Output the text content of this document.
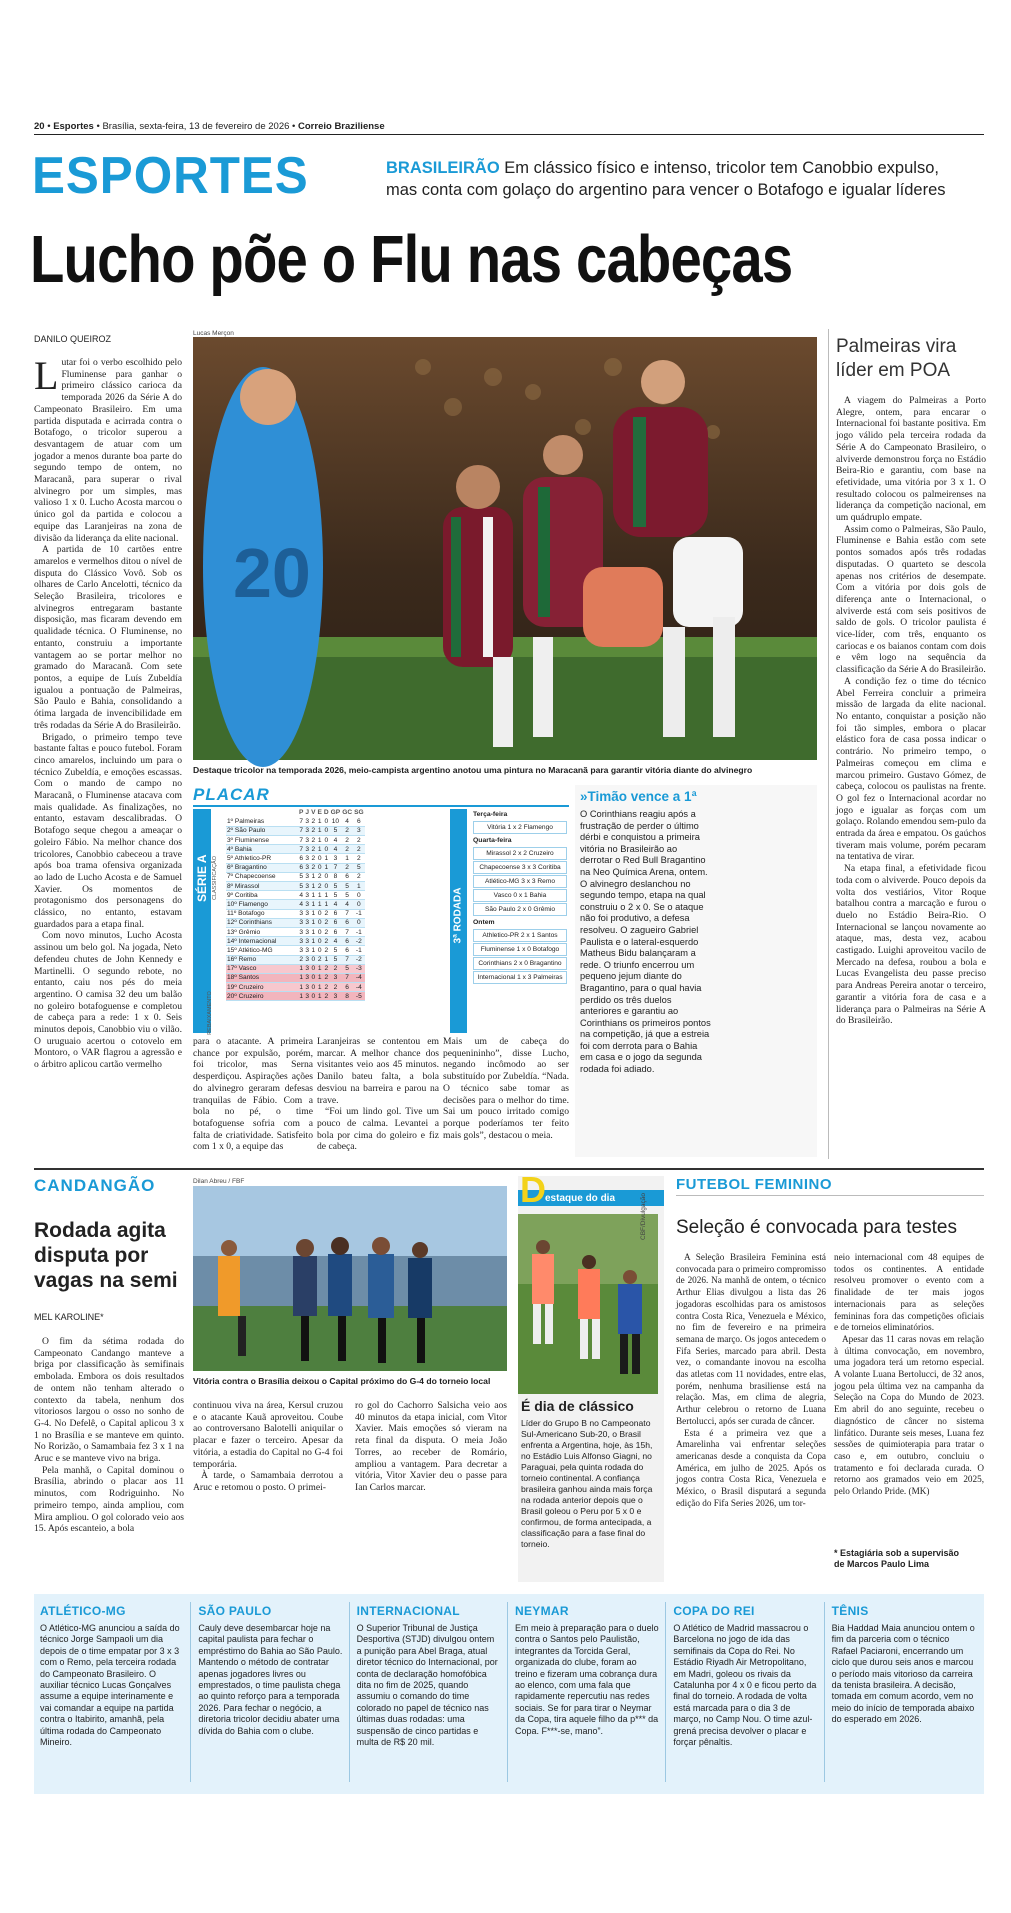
20 • Esportes • Brasília, sexta-feira, 13 de fevereiro de 2026 • Correio Braziliense
ESPORTES	BRASILEIRÃO Em clássico físico e intenso, tricolor tem Canobbio expulso,
mas conta com golaço do argentino para vencer o Botafogo e igualar líderes
Lucho põe o Flu nas cabeças
DANILO QUEIROZ
L utar foi o verbo escolhido pelo Fluminense para ganhar o primeiro clássico carioca da temporada 2026 da Série A do Campeonato Brasileiro. Em uma partida disputada e acirrada contra o Botafogo, o tricolor superou a desvantagem de atuar com um jogador a menos durante boa parte do segundo tempo de ontem, no Maracanã, para superar o rival alvinegro por um simples, mas valioso 1 x 0. Lucho Acosta marcou o único gol da partida e colocou a equipe das Laranjeiras na zona de divisão da liderança da elite nacional.

A partida de 10 cartões entre amarelos e vermelhos ditou o nível de disputa do Clássico Vovô. Sob os olhares de Carlo Ancelotti, técnico da Seleção Brasileira, tricolores e alvinegros entregaram bastante disposição, mas ficaram devendo em qualidade técnica. O Fluminense, no entanto, construiu a importante vantagem ao se portar melhor no gramado do Maracanã. Com sete pontos, a equipe de Luís Zubeldía igualou a pontuação de Palmeiras, São Paulo e Bahia, consolidando a ótima largada de invencibilidade em três rodadas da Série A do Brasileirão.

Brigado, o primeiro tempo teve bastante faltas e pouco futebol. Foram cinco amarelos, incluindo um para o técnico Zubeldía, e emoções escassas. Com o mando de campo no Maracanã, o Fluminense atacava com mais qualidade. As finalizações, no entanto, estavam descalibradas. O Botafogo seque chegou a ameaçar o goleiro Fábio. Na melhor chance dos tricolores, Canobbio cabeceou a trave após boa trama ofensiva organizada ao lado de Lucho Acosta e de Samuel Xavier. Os momentos de protagonismo dos personagens do clássico, no entanto, estavam guardados para a etapa final.

Com novo minutos, Lucho Acosta assinou um belo gol. Na jogada, Neto defendeu chutes de John Kennedy e Martinelli. O segundo rebote, no entanto, caiu nos pés do meia argentino. O camisa 32 deu um balão no goleiro botafoguense e completou de cabeça para a rede: 1 x 0. Seis minutos depois, Canobbio viu o vilão. O uruguaio acertou o cotovelo em Montoro, o VAR flagrou a agressão e o árbitro aplicou cartão vermelho

20
Lucas Merçon
Destaque tricolor na temporada 2026, meio-campista argentino anotou uma pintura no Maracanã para garantir vitória diante do alvinegro
PLACAR
SÉRIE A CLASSIFICAÇÃO
REBAIXAMENTO
	P	J	V	E	D	GP	GC	SG
1º Palmeiras	7	3	2	1	0	10	4	6
2º São Paulo	7	3	2	1	0	5	2	3
3º Fluminense	7	3	2	1	0	4	2	2
4º Bahia	7	3	2	1	0	4	2	2
5º Athletico-PR	6	3	2	0	1	3	1	2
6º Bragantino	6	3	2	0	1	7	2	5
7º Chapecoense	5	3	1	2	0	8	6	2
8º Mirassol	5	3	1	2	0	5	5	1
9º Coritiba	4	3	1	1	1	5	5	0
10º Flamengo	4	3	1	1	1	4	4	0
11º Botafogo	3	3	1	0	2	6	7	-1
12º Corinthians	3	3	1	0	2	6	6	0
13º Grêmio	3	3	1	0	2	6	7	-1
14º Internacional	3	3	1	0	2	4	6	-2
15º Atlético-MG	3	3	1	0	2	5	6	-1
16º Remo	2	3	0	2	1	5	7	-2
17º Vasco	1	3	0	1	2	2	5	-3
18º Santos	1	3	0	1	2	3	7	-4
19º Cruzeiro	1	3	0	1	2	2	6	-4
20º Cruzeiro	1	3	0	1	2	3	8	-5
3ª RODADA
Terça-feira
Vitória 1 x 2 Flamengo
Quarta-feira
Mirassol 2 x 2 Cruzeiro
Chapecoense 3 x 3 Coritiba
Atlético-MG 3 x 3 Remo
Vasco 0 x 1 Bahia
São Paulo 2 x 0 Grêmio
Ontem
Athletico-PR 2 x 1 Santos
Fluminense 1 x 0 Botafogo
Corinthians 2 x 0 Bragantino
Internacional 1 x 3 Palmeiras

para o atacante. A primeira chance por expulsão, porém, foi tricolor, mas Serna desperdiçou. Aspirações ações do alvinegro geraram defesas tranquilas de Fábio. Com a bola no pé, o time botafoguense sofria com a falta de criatividade. Satisfeito com 1 x 0, a equipe das

Laranjeiras se contentou em marcar. A melhor chance dos visitantes veio aos 45 minutos. Danilo bateu falta, a bola desviou na barreira e parou na trave.

“Foi um lindo gol. Tive um pouco de calma. Levantei a bola por cima do goleiro e fiz de cabeça.

Mais um de cabeça do pequenininho”, disse Lucho, negando incômodo ao ser substituído por Zubeldía. “Nada. O técnico sabe tomar as decisões para o melhor do time. Sai um pouco irritado comigo porque poderíamos ter feito mais gols”, destacou o meia.

»Timão vence a 1ª
O Corinthians reagiu após a frustração de perder o último dérbi e conquistou a primeira vitória no Brasileirão ao derrotar o Red Bull Bragantino na Neo Química Arena, ontem. O alvinegro deslanchou no segundo tempo, etapa na qual construiu o 2 x 0. Se o ataque não foi produtivo, a defesa resolveu. O zagueiro Gabriel Paulista e o lateral-esquerdo Matheus Bidu balançaram a rede. O triunfo encerrou um pequeno jejum diante do Bragantino, para o qual havia perdido os três duelos anteriores e garantiu ao Corinthians os primeiros pontos na competição, já que a estreia foi com derrota para o Bahia em casa e o jogo da segunda rodada foi adiado.
Palmeiras vira
líder em POA

A viagem do Palmeiras a Porto Alegre, ontem, para encarar o Internacional foi bastante positiva. Em jogo válido pela terceira rodada da Série A do Campeonato Brasileiro, o alviverde demonstrou força no Estádio Beira-Rio e garantiu, com base na efetividade, uma vitória por 3 x 1. O resultado colocou os palmeirenses na liderança da competição nacional, em um quádruplo empate.

Assim como o Palmeiras, São Paulo, Fluminense e Bahia estão com sete pontos somados após três rodadas disputadas. O quarteto se descola apenas nos critérios de desempate. Com a vitória por dois gols de diferença ante o Internacional, o alviverde está com seis positivos de saldo de gols. O tricolor paulista é vice-líder, com três, enquanto os cariocas e os baianos contam com dois e vêm logo na sequência da classificação da Série A do Brasileirão.

A condição fez o time do técnico Abel Ferreira concluir a primeira missão de largada da elite nacional. No entanto, conquistar a posição não foi tão simples, embora o placar elástico fora de casa possa indicar o contrário. No primeiro tempo, o Palmeiras começou em clima e marcou primeiro. Gustavo Gómez, de cabeça, colocou os paulistas na frente. O gol fez o Internacional acordar no jogo e igualar as forças com um golaço. Rolando emendou sem-pulo da entrada da área e empatou. Os gaúchos tiveram mais volume, porém pecaram na tentativa de virar.

Na etapa final, a efetividade ficou toda com o alviverde. Pouco depois da volta dos vestiários, Vitor Roque batalhou contra a marcação e furou o duelo no Estádio Beira-Rio. O Internacional se lançou novamente ao ataque, mas, desta vez, acabou castigado. Luighi aproveitou vacilo de Mercado na defesa, roubou a bola e Lucas Evangelista deu passe preciso para Andreas Pereira anotar o terceiro, garantir a vitória fora de casa e a liderança para o Palmeiras na Série A do Brasileirão.

CANDANGÃO
Rodada agita
disputa por
vagas na semi
MEL KAROLINE*

O fim da sétima rodada do Campeonato Candango manteve a briga por classificação às semifinais embolada. Embora os dois resultados de ontem não tenham alterado o contexto da tabela, nenhum dos vitoriosos largou o osso no sonho de G-4. No Defelê, o Capital aplicou 3 x 1 no Brasília e se manteve em quinto. No Rorizão, o Samambaia fez 3 x 1 na Aruc e se manteve vivo na briga.

Pela manhã, o Capital dominou o Brasília, abrindo o placar aos 11 minutos, com Rodriguinho. No primeiro tempo, ainda ampliou, com Mira ampliou. O gol colorado veio aos 15. Após escanteio, a bola

Dilan Abreu / FBF
Vitória contra o Brasília deixou o Capital próximo do G-4 do torneio local

continuou viva na área, Kersul cruzou e o atacante Kauã aproveitou. Coube ao controversano Balotelli aniquilar o placar e fazer o terceiro. Apesar da vitória, a estadia do Capital no G-4 foi temporária.

À tarde, o Samambaia derrotou a Aruc e retomou o posto. O primei-

ro gol do Cachorro Salsicha veio aos 40 minutos da etapa inicial, com Vitor Xavier. Mais emoções só vieram na reta final da disputa. O meia João Torres, ao receber de Romário, ampliou a vantagem. Para decretar a vitória, Vitor Xavier deu o passe para Ian Carlos marcar.

D estaque do dia	CBF/Divulgação
É dia de clássico
Líder do Grupo B no Campeonato Sul-Americano Sub-20, o Brasil enfrenta a Argentina, hoje, às 15h, no Estádio Luis Alfonso Giagni, no Paraguai, pela quinta rodada do torneio continental. A confiança brasileira ganhou ainda mais força na rodada anterior depois que o Brasil goleou o Peru por 5 x 0 e confirmou, de forma antecipada, a classificação para a fase final do torneio.
FUTEBOL FEMININO
Seleção é convocada para testes

A Seleção Brasileira Feminina está convocada para o primeiro compromisso de 2026. Na manhã de ontem, o técnico Arthur Elias divulgou a lista das 26 jogadoras escolhidas para os amistosos contra Costa Rica, Venezuela e México, no fim de fevereiro e na primeira semana de março. Os jogos antecedem o Fifa Series, marcado para abril. Desta vez, o comandante inovou na escolha das atletas com 11 novidades, entre elas, porém, nenhuma brasiliense está na relação. Mas, em clima de alegria, Arthur celebrou o retorno de Luana Bertolucci, após ser curada de câncer.

Esta é a primeira vez que a Amarelinha vai enfrentar seleções americanas desde a conquista da Copa América, em julho de 2025. Após os jogos contra Costa Rica, Venezuela e México, o Brasil disputará a segunda edição do Fifa Series 2026, um tor-

neio internacional com 48 equipes de todos os continentes. A entidade resolveu promover o evento com a finalidade de ter mais jogos internacionais para as seleções femininas fora das competições oficiais e de torneios eliminatórios.

Apesar das 11 caras novas em relação à última convocação, em novembro, uma jogadora terá um retorno especial. A volante Luana Bertolucci, de 32 anos, jogou pela última vez na campanha da Seleção na Copa do Mundo de 2023. Em abril do ano seguinte, recebeu o diagnóstico de câncer no sistema linfático. Durante seis meses, Luana fez sessões de quimioterapia para tratar o caso e, em outubro, concluiu o tratamento e foi declarada curada. O retorno aos gramados veio em 2025, pelo Orlando Pride. (MK)

* Estagiária sob a supervisão
de Marcos Paulo Lima
ATLÉTICO-MG
O Atlético-MG anunciou a saída do técnico Jorge Sampaoli um dia depois de o time empatar por 3 x 3 com o Remo, pela terceira rodada do Campeonato Brasileiro. O auxiliar técnico Lucas Gonçalves assume a equipe interinamente e vai comandar a equipe na partida contra o Itabirito, amanhã, pela última rodada do Campeonato Mineiro.
SÃO PAULO
Cauly deve desembarcar hoje na capital paulista para fechar o empréstimo do Bahia ao São Paulo. Mantendo o método de contratar apenas jogadores livres ou emprestados, o time paulista chega ao quinto reforço para a temporada 2026. Para fechar o negócio, a diretoria tricolor decidiu abater uma dívida do Bahia com o clube.
INTERNACIONAL
O Superior Tribunal de Justiça Desportiva (STJD) divulgou ontem a punição para Abel Braga, atual diretor técnico do Internacional, por conta de declaração homofóbica dita no fim de 2025, quando assumiu o comando do time colorado no papel de técnico nas últimas duas rodadas: uma suspensão de cinco partidas e multa de R$ 20 mil.
NEYMAR
Em meio à preparação para o duelo contra o Santos pelo Paulistão, integrantes da Torcida Geral, organizada do clube, foram ao treino e fizeram uma cobrança dura ao elenco, com uma fala que rapidamente repercutiu nas redes sociais. Se for para tirar o Neymar da Copa, tira aquele filho da p*** da Copa. F***-se, mano”.
COPA DO REI
O Atlético de Madrid massacrou o Barcelona no jogo de ida das semifinais da Copa do Rei. No Estádio Riyadh Air Metropolitano, em Madri, goleou os rivais da Catalunha por 4 x 0 e ficou perto da final do torneio. A rodada de volta está marcada para o dia 3 de março, no Camp Nou. O time azul-grená precisa devolver o placar e forçar pênaltis.
TÊNIS
Bia Haddad Maia anunciou ontem o fim da parceria com o técnico Rafael Paciaroni, encerrando um ciclo que durou seis anos e marcou o período mais vitorioso da carreira da tenista brasileira. A decisão, tomada em comum acordo, vem no meio do início de temporada abaixo do esperado em 2026.
